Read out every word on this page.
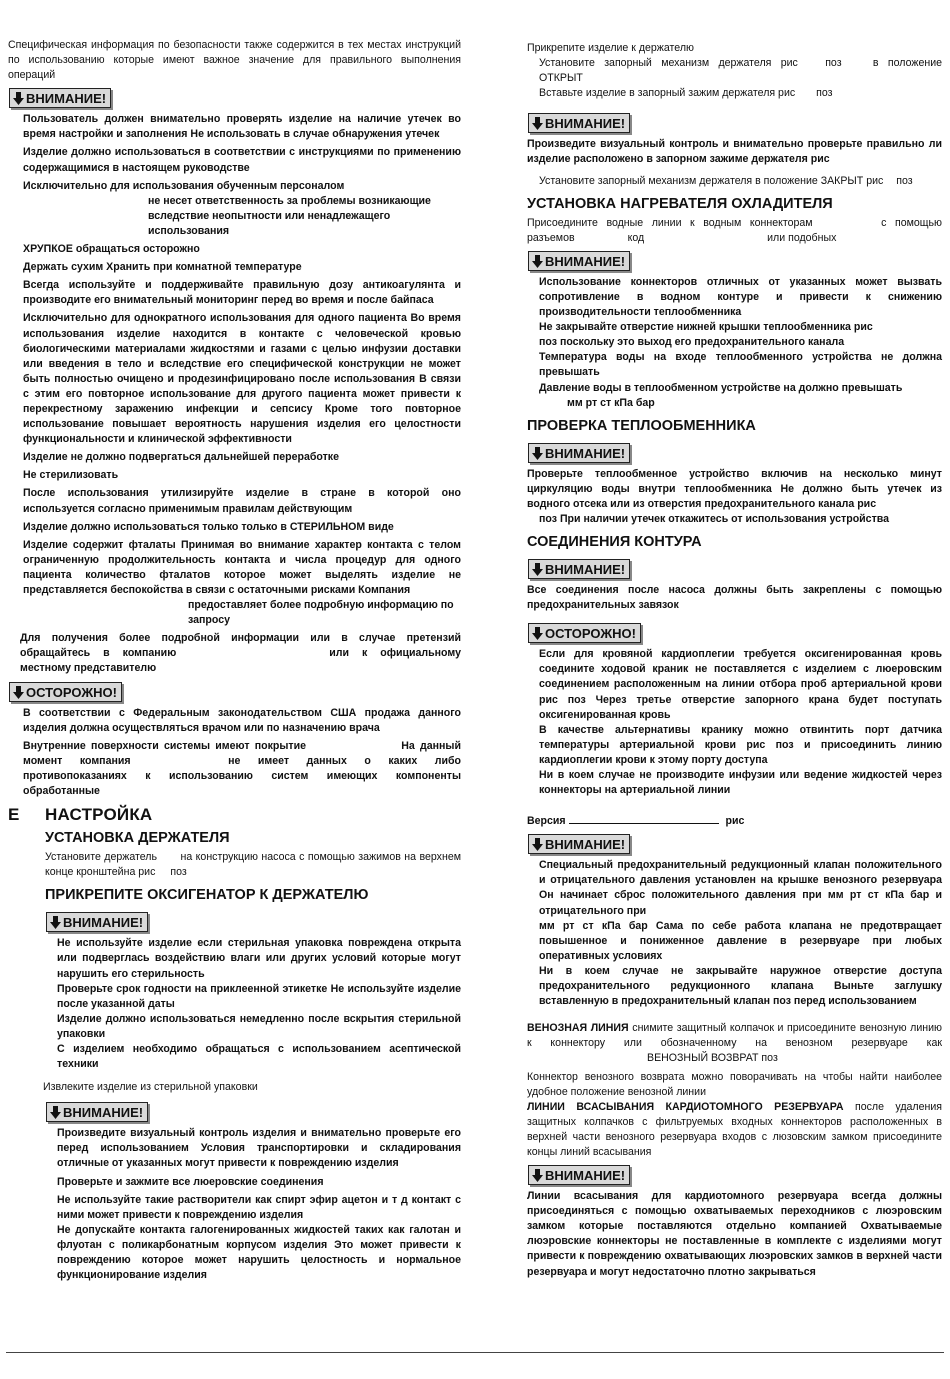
Специфическая информация по безопасности также содержится в тех местах инструкций по использованию которые имеют важное значение для правильного выполнения операций

ВНИМАНИЕ!

Пользователь должен внимательно проверять изделие на наличие утечек во время настройки и заполнения Не использовать в случае обнаружения утечек

Изделие должно использоваться в соответствии с инструкциями по применению содержащимися в настоящем руководстве

Исключительно для использования обученным персоналом

не несет ответственность за проблемы возникающие вследствие неопытности или ненадлежащего использования

ХРУПКОЕ обращаться осторожно

Держать сухим Хранить при комнатной температуре

Всегда используйте и поддерживайте правильную дозу антикоагулянта и производите его внимательный мониторинг перед во время и после байпаса

Исключительно для однократного использования для одного пациента Во время использования изделие находится в контакте с человеческой кровью биологическими материалами жидкостями и газами с целью инфузии доставки или введения в тело и вследствие его специфической конструкции не может быть полностью очищено и продезинфицировано после использования В связи с этим его повторное использование для другого пациента может привести к перекрестному заражению инфекции и сепсису Кроме того повторное использование повышает вероятность нарушения изделия его целостности функциональности и клинической эффективности

Изделие не должно подвергаться дальнейшей переработке

Не стерилизовать

После использования утилизируйте изделие в стране в которой оно используется согласно применимым правилам действующим

Изделие должно использоваться только только в СТЕРИЛЬНОМ виде

Изделие содержит фталаты Принимая во внимание характер контакта с телом ограниченную продолжительность контакта и числа процедур для одного пациента количество фталатов которое может выделять изделие не представляется беспокойства в связи с остаточными рисками Компания

предоставляет более подробную информацию по запросу

Для получения более подробной информации или в случае претензий обращайтесь в компанию	или к официальному местному представителю

ОСТОРОЖНО!

В соответствии с Федеральным законодательством США продажа данного изделия должна осуществляться врачом или по назначению врача

Внутренние поверхности системы имеют покрытие	На данный момент компания	не имеет данных о каких либо противопоказаниях к использованию систем имеющих компоненты обработанные

E	НАСТРОЙКА
УСТАНОВКА ДЕРЖАТЕЛЯ

Установите держатель на конструкцию насоса с помощью зажимов на верхнем конце кронштейна рис поз

ПРИКРЕПИТЕ ОКСИГЕНАТОР К ДЕРЖАТЕЛЮ
ВНИМАНИЕ!

Не используйте изделие если стерильная упаковка повреждена открыта или подверглась воздействию влаги или других условий которые могут нарушить его стерильность

Проверьте срок годности на приклеенной этикетке Не используйте изделие после указанной даты

Изделие должно использоваться немедленно после вскрытия стерильной упаковки

С изделием необходимо обращаться с использованием асептической техники

Извлеките изделие из стерильной упаковки

ВНИМАНИЕ!

Произведите визуальный контроль изделия и внимательно проверьте его перед использованием Условия транспортировки и складирования отличные от указанных могут привести к повреждению изделия

Проверьте и зажмите все люеровские соединения

Не используйте такие растворители как спирт эфир ацетон и т д контакт с ними может привести к повреждению изделия

Не допускайте контакта галогенированных жидкостей таких как галотан и флуотан с поликарбонатным корпусом изделия Это может привести к повреждению которое может нарушить целостность и нормальное функционирование изделия

Прикрепите изделие к держателю

Установите запорный механизм держателя рис	поз	в положение ОТКРЫТ

Вставьте изделие в запорный зажим держателя рис поз

ВНИМАНИЕ!

Произведите визуальный контроль и внимательно проверьте правильно ли изделие расположено в запорном зажиме держателя рис

Установите запорный механизм держателя в положение ЗАКРЫТ рис поз

УСТАНОВКА НАГРЕВАТЕЛЯ ОХЛАДИТЕЛЯ

Присоедините водные линии к водным коннекторам	с помощью разъемов	код	или подобных

ВНИМАНИЕ!

Использование коннекторов отличных от указанных может вызвать сопротивление в водном контуре и привести к снижению производительности теплообменника

Не закрывайте отверстие нижней крышки теплообменника рис

поз поскольку это выход его предохранительного канала

Температура воды на входе теплообменного устройства не должна превышать

Давление воды в теплообменном устройстве на должно превышать

мм рт ст кПа бар

ПРОВЕРКА ТЕПЛООБМЕННИКА
ВНИМАНИЕ!

Проверьте теплообменное устройство включив на несколько минут циркуляцию воды внутри теплообменника Не должно быть утечек из водного отсека или из отверстия предохранительного канала рис

поз При наличии утечек откажитесь от использования устройства

СОЕДИНЕНИЯ КОНТУРА
ВНИМАНИЕ!

Все соединения после насоса должны быть закреплены с помощью предохранительных завязок

ОСТОРОЖНО!

Если для кровяной кардиоплегии требуется оксигенированная кровь соедините ходовой краник не поставляется с изделием с люеровским соединением расположенным на линии отбора проб артериальной крови рис поз Через третье отверстие запорного крана будет поступать оксигенированная кровь

В качестве альтернативы кранику можно отвинтить порт датчика температуры артериальной крови рис поз и присоединить линию кардиоплегии крови к этому порту доступа

Ни в коем случае не производите инфузии или ведение жидкостей через коннекторы на артериальной линии

Версия	рис

ВНИМАНИЕ!

Специальный предохранительный редукционный клапан положительного и отрицательного давления установлен на крышке венозного резервуара Он начинает сброс положительного давления при мм рт ст кПа бар и отрицательного при

мм рт ст кПа бар Сама по себе работа клапана не предотвращает повышенное и пониженное давление в резервуаре при любых оперативных условиях

Ни в коем случае не закрывайте наружное отверстие доступа предохранительного редукционного клапана Выньте заглушку вставленную в предохранительный клапан поз перед использованием

ВЕНОЗНАЯ ЛИНИЯ снимите защитный колпачок и присоедините венозную линию к коннектору или обозначенному на венозном резервуаре как ВЕНОЗНЫЙ ВОЗВРАТ поз

Коннектор венозного возврата можно поворачивать на чтобы найти наиболее удобное положение венозной линии

ЛИНИИ ВСАСЫВАНИЯ КАРДИОТОМНОГО РЕЗЕРВУАРА после удаления защитных колпачков с фильтруемых входных коннекторов расположенных в верхней части венозного резервуара входов с люзовским замком присоедините концы линий всасывания

ВНИМАНИЕ!

Линии всасывания для кардиотомного резервуара всегда должны присоединяться с помощью охватываемых переходников с люэровским замком которые поставляются отдельно компанией Охватываемые люэровские коннекторы не поставленные в комплекте с изделиями могут привести к повреждению охватывающих люэровских замков в верхней части резервуара и могут недостаточно плотно закрываться
